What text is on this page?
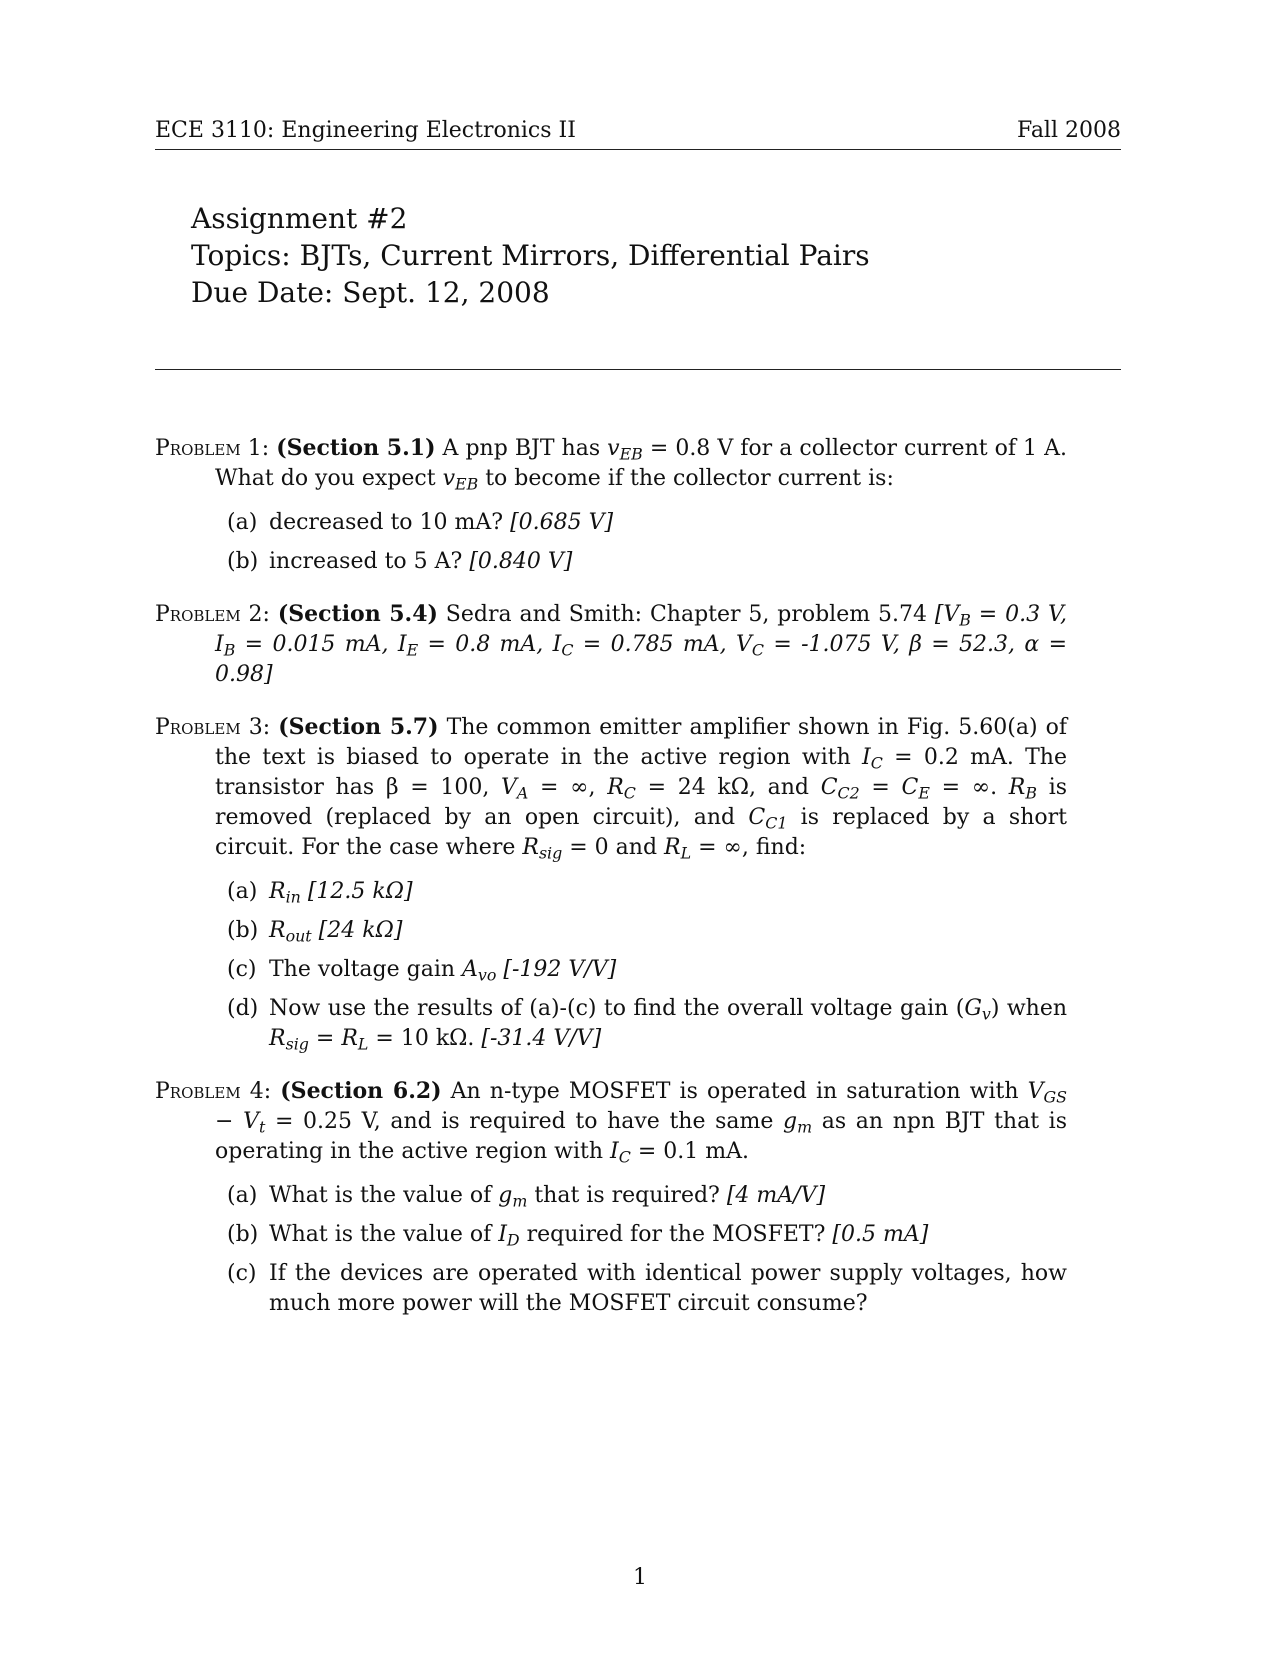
ECE 3110: Engineering Electronics II	Fall 2008
Assignment #2
Topics: BJTs, Current Mirrors, Differential Pairs
Due Date: Sept. 12, 2008
Problem 1: (Section 5.1) A pnp BJT has $v_{EB} = 0.8$ V for a collector current of 1 A. What do you expect $v_{EB}$ to become if the collector current is:
(a) decreased to 10 mA? [0.685 V]
(b) increased to 5 A? [0.840 V]
Problem 2: (Section 5.4) Sedra and Smith: Chapter 5, problem 5.74 [$V_B = 0.3$ V, $I_B = 0.015$ mA, $I_E = 0.8$ mA, $I_C = 0.785$ mA, $V_C = -1.075$ V, β = 52.3, α = 0.98]
Problem 3: (Section 5.7) The common emitter amplifier shown in Fig. 5.60(a) of the text is biased to operate in the active region with $I_C = 0.2$ mA. The transistor has β = 100, $V_A$ = ∞, $R_C = 24$ kΩ, and $C_{C2} = C_E$ = ∞. $R_B$ is removed (replaced by an open circuit), and $C_{C1}$ is replaced by a short circuit. For the case where $R_{sig} = 0$ and $R_L$ = ∞, find:
(a) $R_{in}$ [12.5 kΩ]
(b) $R_{out}$ [24 kΩ]
(c) The voltage gain $A_{vo}$ [-192 V/V]
(d) Now use the results of (a)-(c) to find the overall voltage gain $(G_v)$ when $R_{sig} = R_L = 10$ kΩ. [-31.4 V/V]
Problem 4: (Section 6.2) An n-type MOSFET is operated in saturation with $V_{GS} - V_t = 0.25$ V, and is required to have the same $g_m$ as an npn BJT that is operating in the active region with $I_C = 0.1$ mA.
(a) What is the value of $g_m$ that is required? [4 mA/V]
(b) What is the value of $I_D$ required for the MOSFET? [0.5 mA]
(c) If the devices are operated with identical power supply voltages, how much more power will the MOSFET circuit consume?
1
